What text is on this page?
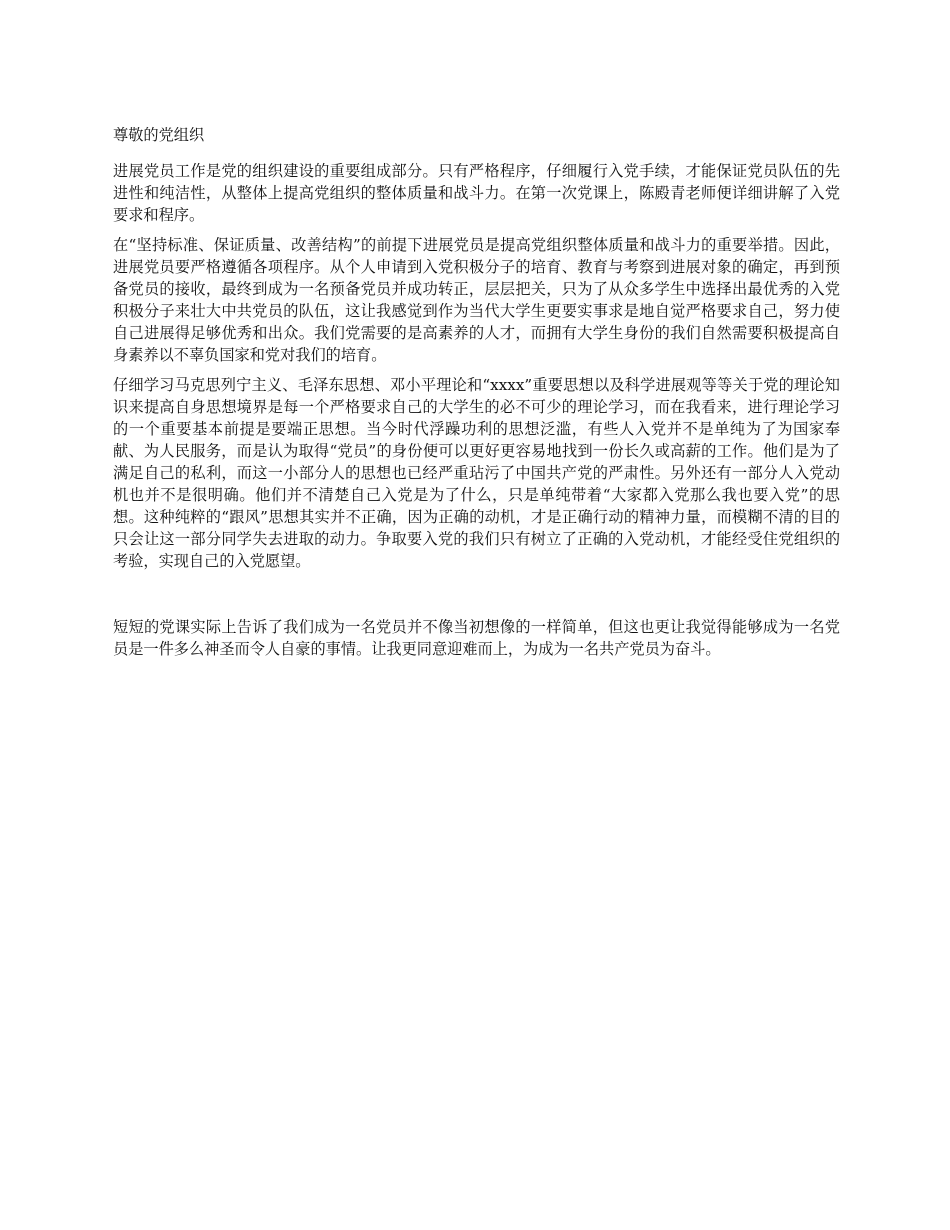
尊敬的党组织

进展党员工作是党的组织建设的重要组成部分。只有严格程序，仔细履行入党手续，才能保证党员队伍的先进性和纯洁性，从整体上提高党组织的整体质量和战斗力。在第一次党课上，陈殿青老师便详细讲解了入党要求和程序。

在“坚持标准、保证质量、改善结构”的前提下进展党员是提高党组织整体质量和战斗力的重要举措。因此，进展党员要严格遵循各项程序。从个人申请到入党积极分子的培育、教育与考察到进展对象的确定，再到预备党员的接收，最终到成为一名预备党员并成功转正，层层把关，只为了从众多学生中选择出最优秀的入党积极分子来壮大中共党员的队伍，这让我感觉到作为当代大学生更要实事求是地自觉严格要求自己，努力使自己进展得足够优秀和出众。我们党需要的是高素养的人才，而拥有大学生身份的我们自然需要积极提高自身素养以不辜负国家和党对我们的培育。

仔细学习马克思列宁主义、毛泽东思想、邓小平理论和“xxxx”重要思想以及科学进展观等等关于党的理论知识来提高自身思想境界是每一个严格要求自己的大学生的必不可少的理论学习，而在我看来，进行理论学习的一个重要基本前提是要端正思想。当今时代浮躁功利的思想泛滥，有些人入党并不是单纯为了为国家奉献、为人民服务，而是认为取得“党员”的身份便可以更好更容易地找到一份长久或高薪的工作。他们是为了满足自己的私利，而这一小部分人的思想也已经严重玷污了中国共产党的严肃性。另外还有一部分人入党动机也并不是很明确。他们并不清楚自己入党是为了什么，只是单纯带着“大家都入党那么我也要入党”的思想。这种纯粹的“跟风”思想其实并不正确，因为正确的动机，才是正确行动的精神力量，而模糊不清的目的只会让这一部分同学失去进取的动力。争取要入党的我们只有树立了正确的入党动机，才能经受住党组织的考验，实现自己的入党愿望。

短短的党课实际上告诉了我们成为一名党员并不像当初想像的一样简单，但这也更让我觉得能够成为一名党员是一件多么神圣而令人自豪的事情。让我更同意迎难而上，为成为一名共产党员为奋斗。
